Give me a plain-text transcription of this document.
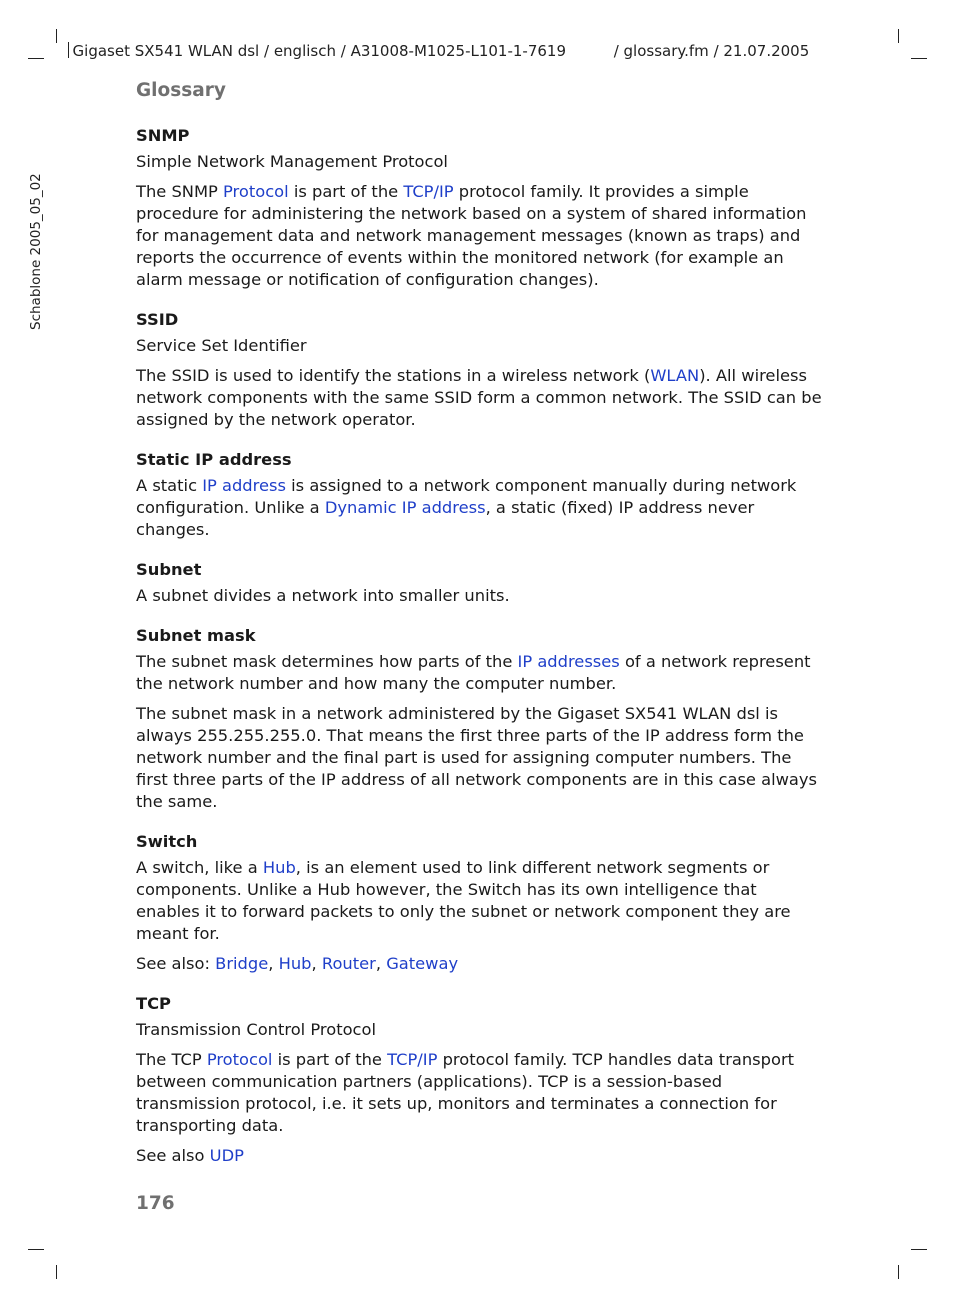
Gigaset SX541 WLAN dsl / englisch / A31008-M1025-L101-1-7619	/ glossary.fm / 21.07.2005

Schablone 2005_05_02
Glossary
SNMP
Simple Network Management Protocol
The SNMP Protocol is part of the TCP/IP protocol family. It provides a simple procedure for administering the network based on a system of shared information for management data and network management messages (known as traps) and reports the occurrence of events within the monitored network (for example an alarm message or notification of configuration changes).
SSID
Service Set Identifier
The SSID is used to identify the stations in a wireless network (WLAN). All wireless network components with the same SSID form a common network. The SSID can be assigned by the network operator.
Static IP address
A static IP address is assigned to a network component manually during network configuration. Unlike a Dynamic IP address, a static (fixed) IP address never changes.
Subnet
A subnet divides a network into smaller units.
Subnet mask
The subnet mask determines how parts of the IP addresses of a network represent the network number and how many the computer number.
The subnet mask in a network administered by the Gigaset SX541 WLAN dsl is always 255.255.255.0. That means the first three parts of the IP address form the network number and the final part is used for assigning computer numbers. The first three parts of the IP address of all network components are in this case always the same.
Switch
A switch, like a Hub, is an element used to link different network segments or components. Unlike a Hub however, the Switch has its own intelligence that enables it to forward packets to only the subnet or network component they are meant for.
See also: Bridge, Hub, Router, Gateway
TCP
Transmission Control Protocol
The TCP Protocol is part of the TCP/IP protocol family. TCP handles data transport between communication partners (applications). TCP is a session-based transmission protocol, i.e. it sets up, monitors and terminates a connection for transporting data.
See also UDP
176
